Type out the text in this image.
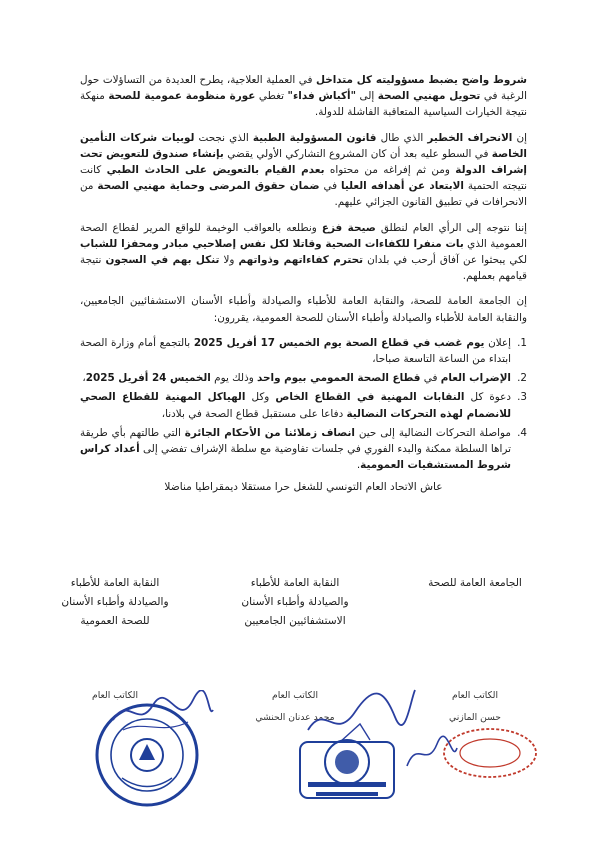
شروط واضح يضبط مسؤوليته كل متداخل في العملية العلاجية، يطرح العديدة من التساؤلات حول الرغبة في تحويل مهنيي الصحة إلى "أكباش فداء" تغطي عورة منظومة عمومية للصحة منهكة نتيجة الخيارات السياسية المتعاقبة الفاشلة للدولة.

إن الانحراف الخطير الذي طال قانون المسؤولية الطبية الذي نجحت لوبيات شركات التأمين الخاصة في السطو عليه بعد أن كان المشروع التشاركي الأولي يقضي بإنشاء صندوق للتعويض تحت إشراف الدولة ومن ثم إفراغه من محتواه بعدم القيام بالتعويض على الحادث الطبي كانت نتيجته الحتمية الابتعاد عن أهدافه العليا في ضمان حقوق المرضى وحماية مهنيي الصحة من الانحرافات في تطبيق القانون الجزائي عليهم.

إننا نتوجه إلى الرأي العام لنطلق صيحة فزع ونطلعه بالعواقب الوخيمة للواقع المرير لقطاع الصحة العمومية الذي بات منفرا للكفاءات الصحية وقاتلا لكل نفس إصلاحيي مبادر ومحفزا للشباب لكي يبحثوا عن آفاق أرحب في بلدان تحترم كفاءاتهم وذواتهم ولا تنكل بهم في السجون نتيجة قيامهم بعملهم.

إن الجامعة العامة للصحة، والنقابة العامة للأطباء والصيادلة وأطباء الأسنان الاستشفائيين الجامعيين، والنقابة العامة للأطباء والصيادلة وأطباء الأسنان للصحة العمومية، يقررون:

1.
إعلان يوم غضب في قطاع الصحة يوم الخميس 17 أفريل 2025 بالتجمع أمام وزارة الصحة ابتداء من الساعة التاسعة صباحا،
2.
الإضراب العام في قطاع الصحة العمومي بيوم واحد وذلك يوم الخميس 24 أفريل 2025،
3.
دعوة كل النقابات المهنية في القطاع الخاص وكل الهياكل المهنية للقطاع الصحي للانضمام لهذه التحركات النضالية دفاعا على مستقبل قطاع الصحة في بلادنا،
4.
مواصلة التحركات النضالية إلى حين انصاف زملائنا من الأحكام الجائرة التي طالتهم بأي طريقة تراها السلطة ممكنة والبدء الفوري في جلسات تفاوضية مع سلطة الإشراف تفضي إلى أعداد كراس شروط المستشفيات العمومية.
عاش الاتحاد العام التونسي للشغل حرا مستقلا ديمقراطيا مناضلا
الجامعة العامة للصحة
النقابة العامة للأطباء
والصيادلة وأطباء الأسنان
الاستشفائيين الجامعيين
النقابة العامة للأطباء
والصيادلة وأطباء الأسنان
للصحة العمومية
الكاتب العام
الكاتب العام
الكاتب العام
حسن المازني
محمد عدنان الحنشي
